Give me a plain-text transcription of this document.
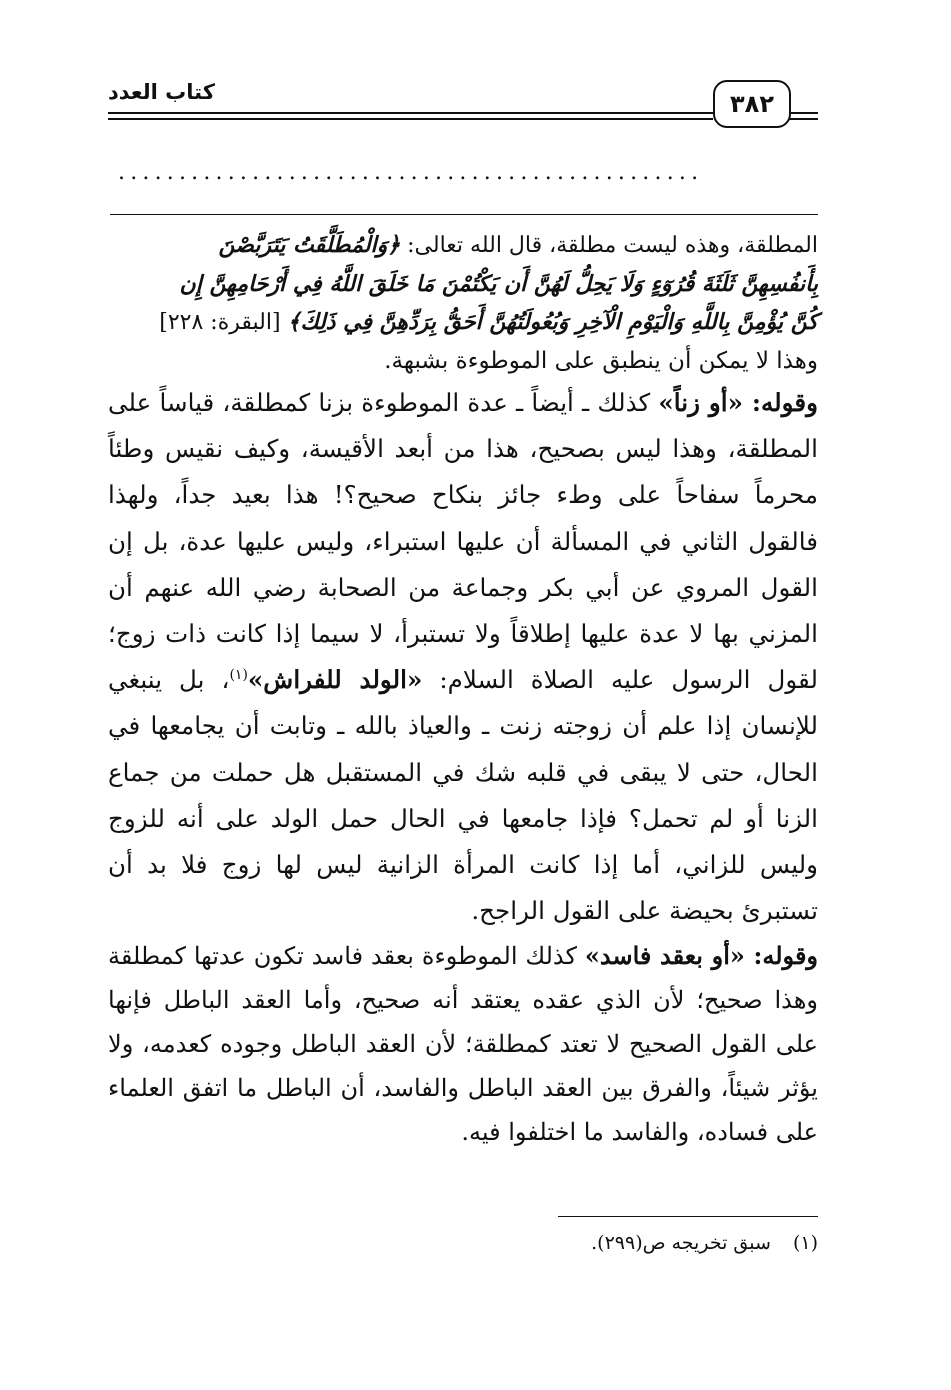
كتاب العدد	٣٨٢
................................................
المطلقة، وهذه ليست مطلقة، قال الله تعالى: ﴿وَالْمُطَلَّقَتُ يَتَرَبَّصْنَ
بِأَنفُسِهِنَّ ثَلَثَةَ قُرُوٓءٍ وَلَا يَحِلُّ لَهُنَّ أَن يَكْتُمْنَ مَا خَلَقَ اللَّهُ فِي أَرْحَامِهِنَّ إِن
كُنَّ يُؤْمِنَّ بِاللَّهِ وَالْيَوْمِ الْآخِرِ وَبُعُولَتُهُنَّ أَحَقُّ بِرَدِّهِنَّ فِي ذَلِكَ﴾ [البقرة: ٢٢٨]
وهذا لا يمكن أن ينطبق على الموطوءة بشبهة.

وقوله: «أو زناً» كذلك ـ أيضاً ـ عدة الموطوءة بزنا كمطلقة، قياساً على المطلقة، وهذا ليس بصحيح، هذا من أبعد الأقيسة، وكيف نقيس وطئاً محرماً سفاحاً على وطء جائز بنكاح صحيح؟! هذا بعيد جداً، ولهذا فالقول الثاني في المسألة أن عليها استبراء، وليس عليها عدة، بل إن القول المروي عن أبي بكر وجماعة من الصحابة رضي الله عنهم أن المزني بها لا عدة عليها إطلاقاً ولا تستبرأ، لا سيما إذا كانت ذات زوج؛ لقول الرسول عليه الصلاة السلام: «الولد للفراش»$^{(١)}$، بل ينبغي للإنسان إذا علم أن زوجته زنت ـ والعياذ بالله ـ وتابت أن يجامعها في الحال، حتى لا يبقى في قلبه شك في المستقبل هل حملت من جماع الزنا أو لم تحمل؟ فإذا جامعها في الحال حمل الولد على أنه للزوج وليس للزاني، أما إذا كانت المرأة الزانية ليس لها زوج فلا بد أن تستبرئ بحيضة على القول الراجح.

وقوله: «أو بعقد فاسد» كذلك الموطوءة بعقد فاسد تكون عدتها كمطلقة وهذا صحيح؛ لأن الذي عقده يعتقد أنه صحيح، وأما العقد الباطل فإنها على القول الصحيح لا تعتد كمطلقة؛ لأن العقد الباطل وجوده كعدمه، ولا يؤثر شيئاً، والفرق بين العقد الباطل والفاسد، أن الباطل ما اتفق العلماء على فساده، والفاسد ما اختلفوا فيه.

(١)سبق تخريجه ص(٢٩٩).
